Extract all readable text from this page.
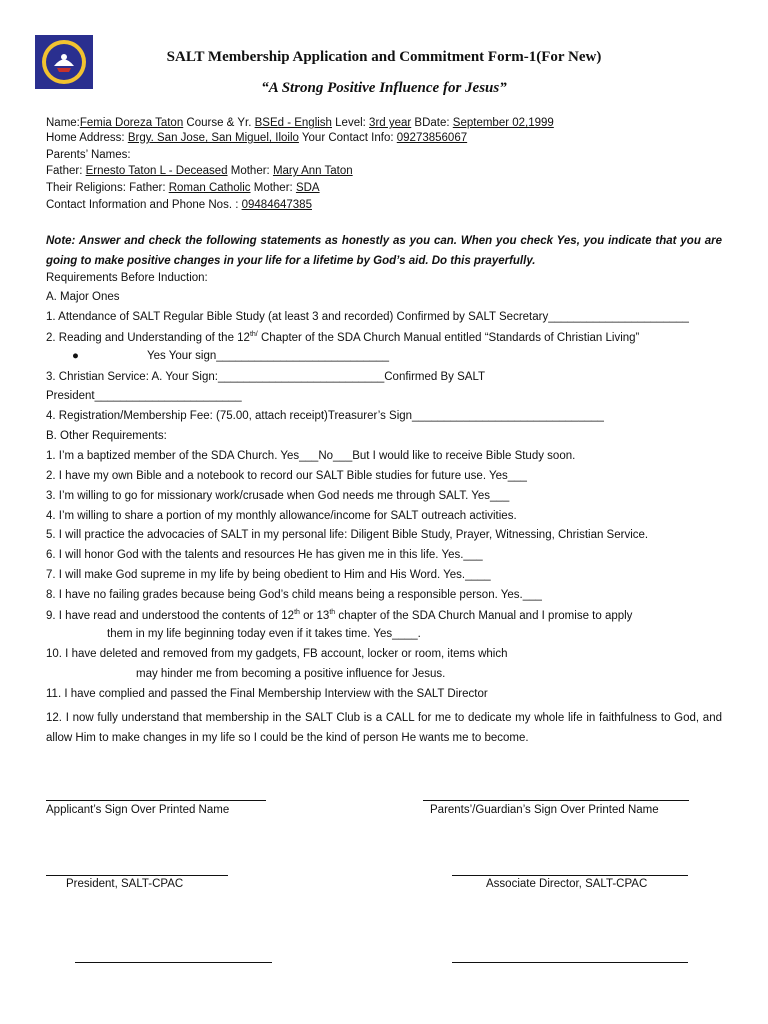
SALT Membership Application and Commitment Form-1(For New)
“A Strong Positive Influence for Jesus”
Name:Femia Doreza Taton Course & Yr. BSEd - English Level: 3rd year BDate: September 02,1999
Home Address: Brgy. San Jose, San Miguel, Iloilo Your Contact Info: 09273856067
Parents’ Names:
Father: Ernesto Taton L - Deceased Mother: Mary Ann Taton
Their Religions: Father: Roman Catholic Mother: SDA
Contact Information and Phone Nos. : 09484647385
Note: Answer and check the following statements as honestly as you can. When you check Yes, you indicate that you are going to make positive changes in your life for a lifetime by God’s aid. Do this prayerfully.
Requirements Before Induction:
A. Major Ones
1. Attendance of SALT Regular Bible Study (at least 3 and recorded) Confirmed by SALT Secretary______________________
2. Reading and Understanding of the $12^{th/}$ Chapter of the SDA Church Manual entitled “Standards of Christian Living”
●	Yes Your sign___________________________
3. Christian Service: A. Your Sign:__________________________Confirmed By SALT
President_______________________
4. Registration/Membership Fee: (75.00, attach receipt)Treasurer’s Sign______________________________
B. Other Requirements:
1. I’m a baptized member of the SDA Church. Yes___No___But I would like to receive Bible Study soon.
2. I have my own Bible and a notebook to record our SALT Bible studies for future use. Yes___
3. I’m willing to go for missionary work/crusade when God needs me through SALT. Yes___
4. I’m willing to share a portion of my monthly allowance/income for SALT outreach activities.
5. I will practice the advocacies of SALT in my personal life: Diligent Bible Study, Prayer, Witnessing, Christian Service.
6. I will honor God with the talents and resources He has given me in this life. Yes.___
7. I will make God supreme in my life by being obedient to Him and His Word. Yes.____
8. I have no failing grades because being God’s child means being a responsible person. Yes.___
9. I have read and understood the contents of 12th or 13th chapter of the SDA Church Manual and I promise to apply
them in my life beginning today even if it takes time. Yes____.
10. I have deleted and removed from my gadgets, FB account, locker or room, items which
may hinder me from becoming a positive influence for Jesus.
11. I have complied and passed the Final Membership Interview with the SALT Director
12. I now fully understand that membership in the SALT Club is a CALL for me to dedicate my whole life in faithfulness to God, and allow Him to make changes in my life so I could be the kind of person He wants me to become.
Applicant’s Sign Over Printed Name	Parents’/Guardian’s Sign Over Printed Name
President, SALT-CPAC	Associate Director, SALT-CPAC
